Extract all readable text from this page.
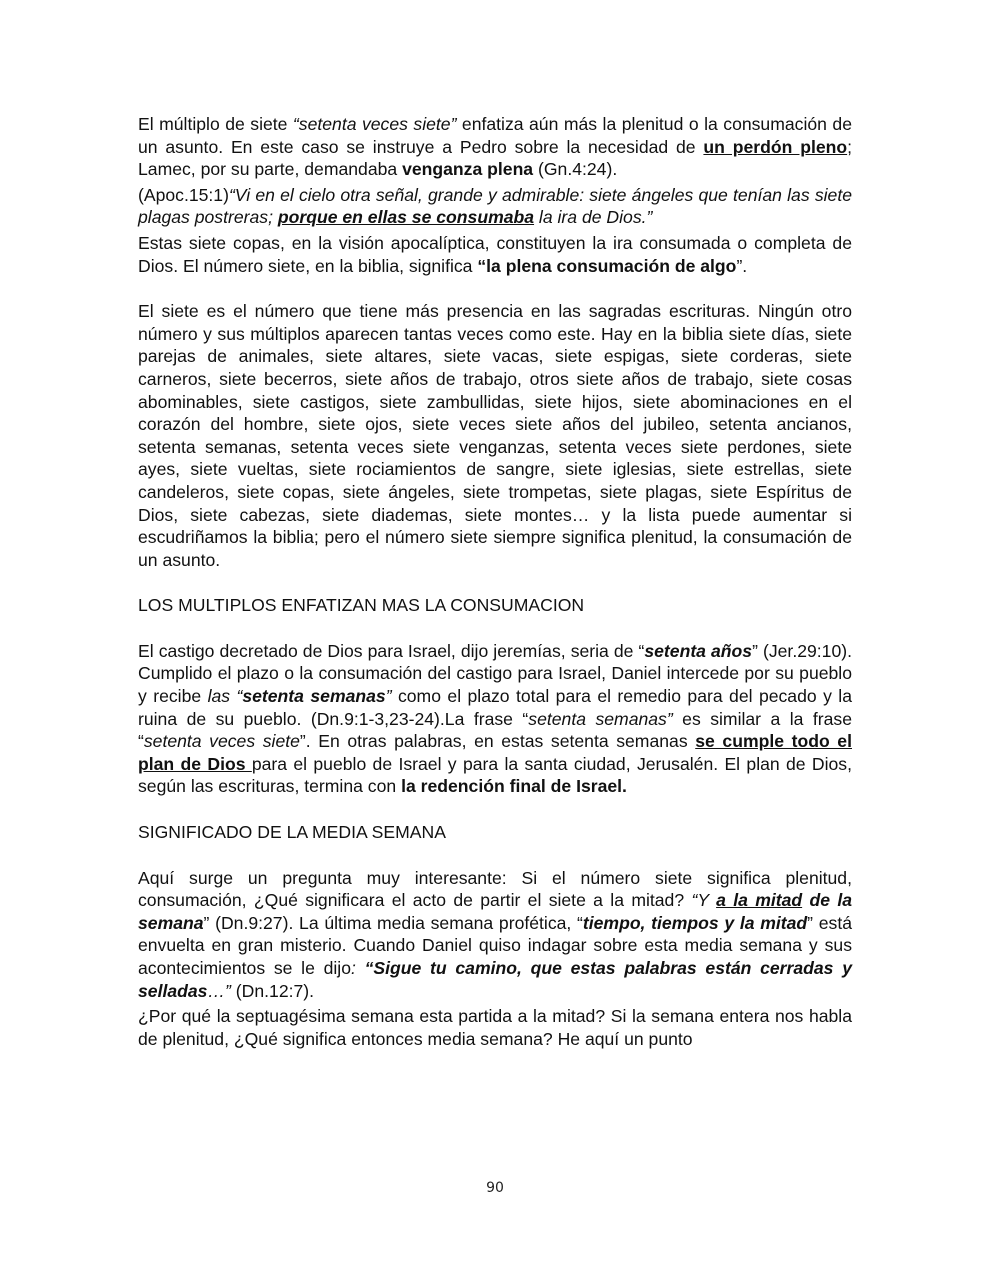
El múltiplo de siete “setenta veces siete” enfatiza aún más la plenitud o la consumación de un asunto. En este caso se instruye a Pedro sobre la necesidad de un perdón pleno; Lamec, por su parte, demandaba venganza plena (Gn.4:24).

(Apoc.15:1)“Vi en el cielo otra señal, grande y admirable: siete ángeles que tenían las siete plagas postreras; porque en ellas se consumaba la ira de Dios.”

Estas siete copas, en la visión apocalíptica, constituyen la ira consumada o completa de Dios. El número siete, en la biblia, significa “la plena consumación de algo”.

El siete es el número que tiene más presencia en las sagradas escrituras. Ningún otro número y sus múltiplos aparecen tantas veces como este. Hay en la biblia siete días, siete parejas de animales, siete altares, siete vacas, siete espigas, siete corderas, siete carneros, siete becerros, siete años de trabajo, otros siete años de trabajo, siete cosas abominables, siete castigos, siete zambullidas, siete hijos, siete abominaciones en el corazón del hombre, siete ojos, siete veces siete años del jubileo, setenta ancianos, setenta semanas, setenta veces siete venganzas, setenta veces siete perdones, siete ayes, siete vueltas, siete rociamientos de sangre, siete iglesias, siete estrellas, siete candeleros, siete copas, siete ángeles, siete trompetas, siete plagas, siete Espíritus de Dios, siete cabezas, siete diademas, siete montes… y la lista puede aumentar si escudriñamos la biblia; pero el número siete siempre significa plenitud, la consumación de un asunto.

LOS MULTIPLOS ENFATIZAN MAS LA CONSUMACION

El castigo decretado de Dios para Israel, dijo jeremías, seria de “setenta años” (Jer.29:10). Cumplido el plazo o la consumación del castigo para Israel, Daniel intercede por su pueblo y recibe las “setenta semanas” como el plazo total para el remedio para del pecado y la ruina de su pueblo. (Dn.9:1-3,23-24).La frase “setenta semanas” es similar a la frase “setenta veces siete”. En otras palabras, en estas setenta semanas se cumple todo el plan de Dios para el pueblo de Israel y para la santa ciudad, Jerusalén. El plan de Dios, según las escrituras, termina con la redención final de Israel.

SIGNIFICADO DE LA MEDIA SEMANA

Aquí surge un pregunta muy interesante: Si el número siete significa plenitud, consumación, ¿Qué significara el acto de partir el siete a la mitad? “Y a la mitad de la semana” (Dn.9:27). La última media semana profética, “tiempo, tiempos y la mitad” está envuelta en gran misterio. Cuando Daniel quiso indagar sobre esta media semana y sus acontecimientos se le dijo: “Sigue tu camino, que estas palabras están cerradas y selladas…” (Dn.12:7).

¿Por qué la septuagésima semana esta partida a la mitad? Si la semana entera nos habla de plenitud, ¿Qué significa entonces media semana? He aquí un punto

90
